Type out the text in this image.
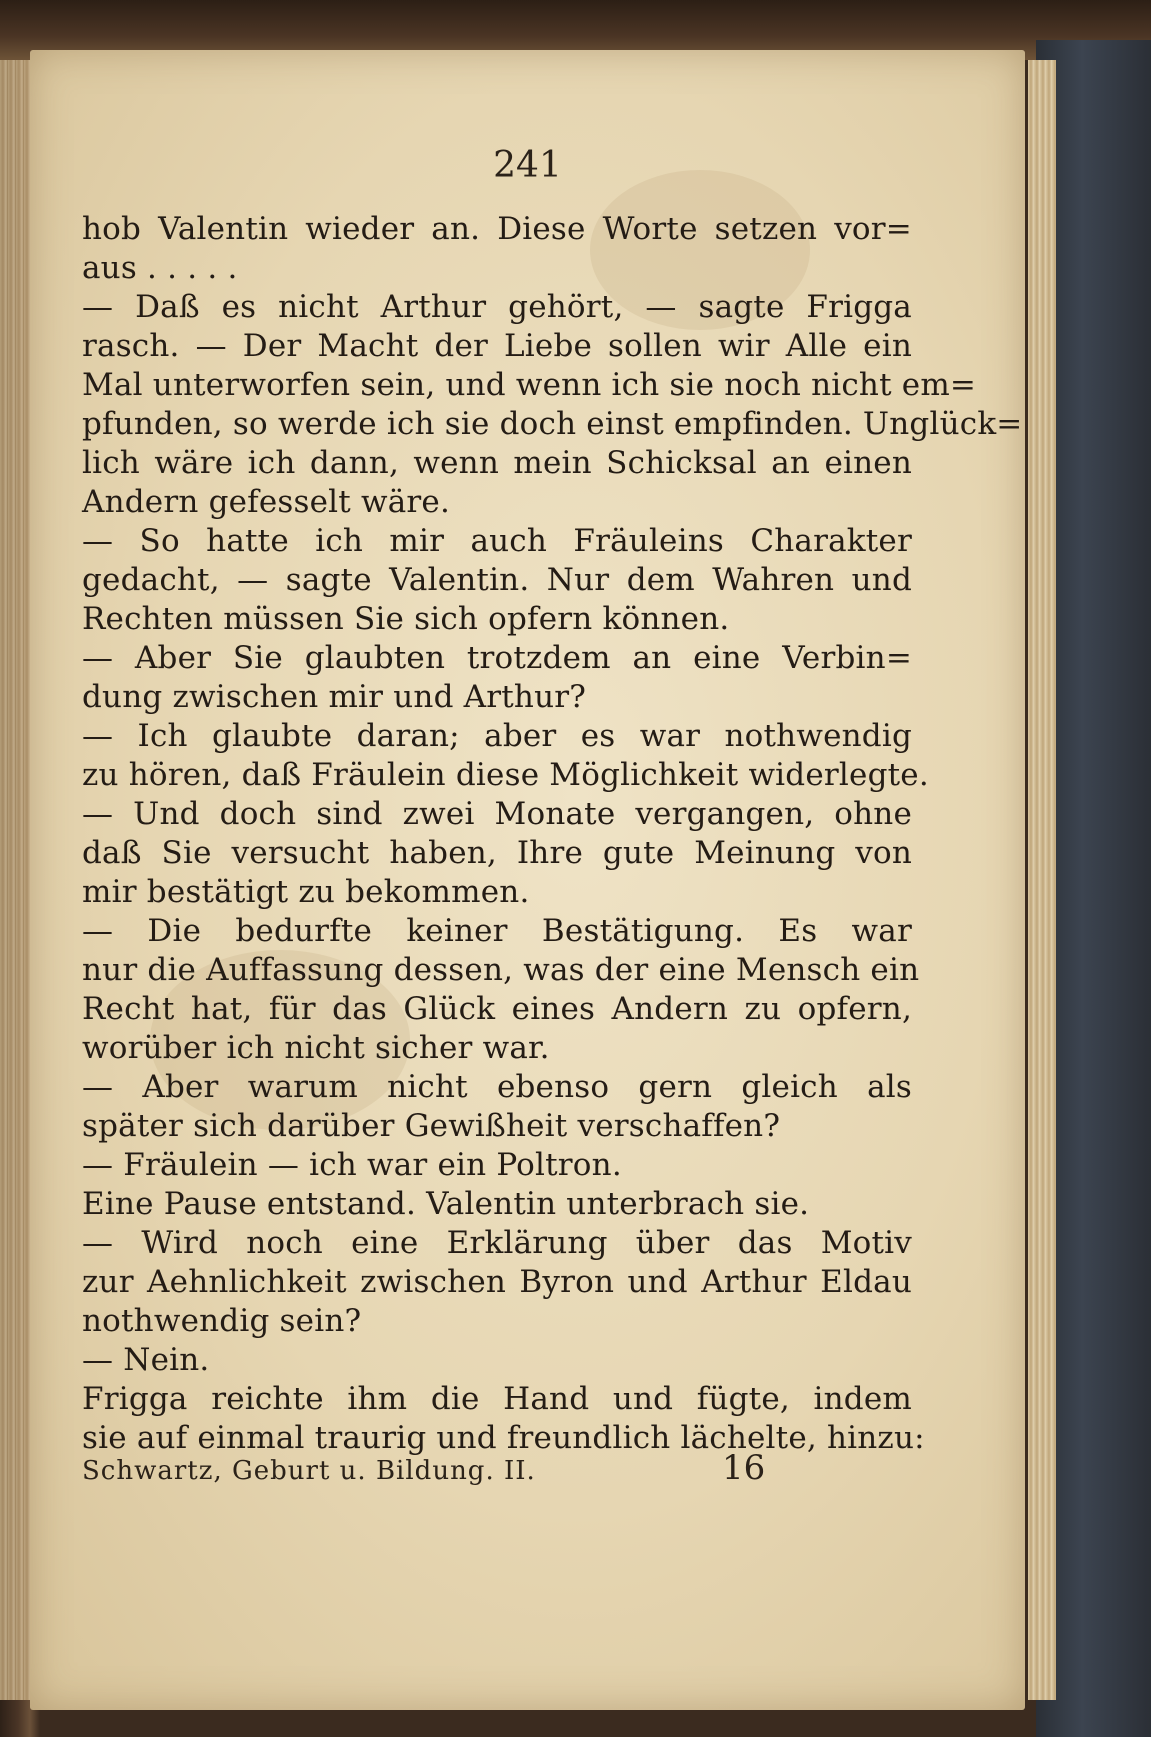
241
hob Valentin wieder an. Diese Worte setzen vor=
aus . . . . .
— Daß es nicht Arthur gehört, — sagte Frigga
rasch. — Der Macht der Liebe sollen wir Alle ein
Mal unterworfen sein, und wenn ich sie noch nicht em=
pfunden, so werde ich sie doch einst empfinden. Unglück=
lich wäre ich dann, wenn mein Schicksal an einen
Andern gefesselt wäre.
— So hatte ich mir auch Fräuleins Charakter
gedacht, — sagte Valentin. Nur dem Wahren und
Rechten müssen Sie sich opfern können.
— Aber Sie glaubten trotzdem an eine Verbin=
dung zwischen mir und Arthur?
— Ich glaubte daran; aber es war nothwendig
zu hören, daß Fräulein diese Möglichkeit widerlegte.
— Und doch sind zwei Monate vergangen, ohne
daß Sie versucht haben, Ihre gute Meinung von
mir bestätigt zu bekommen.
— Die bedurfte keiner Bestätigung. Es war
nur die Auffassung dessen, was der eine Mensch ein
Recht hat, für das Glück eines Andern zu opfern,
worüber ich nicht sicher war.
— Aber warum nicht ebenso gern gleich als
später sich darüber Gewißheit verschaffen?
— Fräulein — ich war ein Poltron.
Eine Pause entstand. Valentin unterbrach sie.
— Wird noch eine Erklärung über das Motiv
zur Aehnlichkeit zwischen Byron und Arthur Eldau
nothwendig sein?
— Nein.
Frigga reichte ihm die Hand und fügte, indem
sie auf einmal traurig und freundlich lächelte, hinzu:
Schwartz, Geburt u. Bildung. II.	16
